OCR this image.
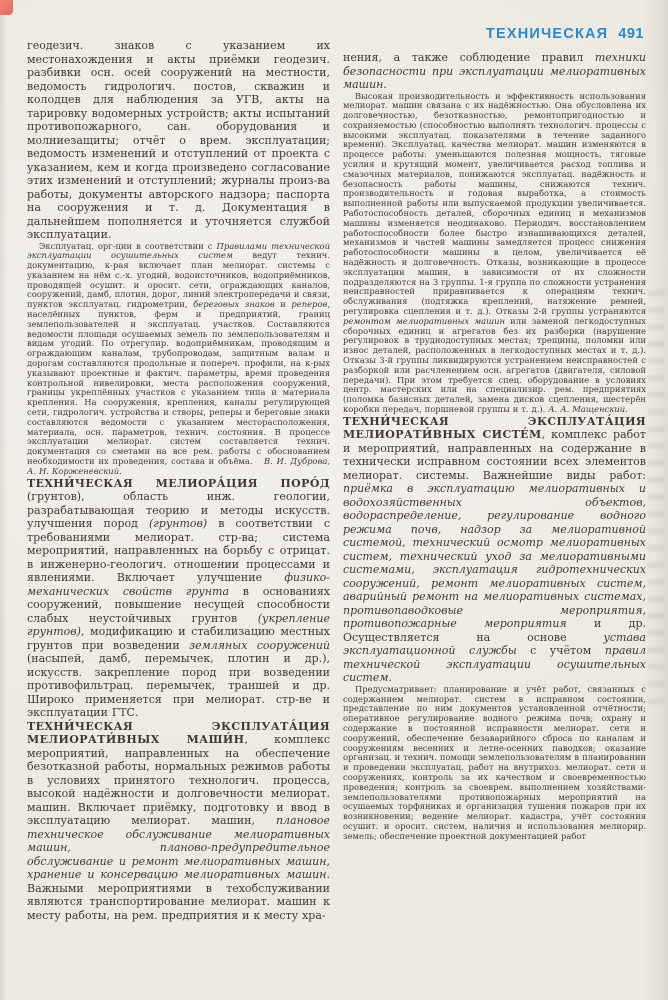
геодезич. знаков с указанием их местонахождения и акты приёмки геодезич. разбивки осн. осей сооружений на местности, ведомость гидрологич. постов, скважин и колодцев для наблюдения за УГВ, акты на тарировку водомерных устройств; акты испытаний противопожарного, сан. оборудования и молниезащиты; отчёт о врем. эксплуатации; ведомость изменений и отступлений от проекта с указанием, кем и когда произведено согласование этих изменений и отступлений; журналы произ-ва работы, документы авторского надзора; паспорта на сооружения и т. д. Документация в дальнейшем пополняется и уточняется службой эксплуатации.

Эксплуатац. орг-ции в соответствии с Правилами технической эксплуатации осушительных систем ведут технич. документацию, к-рая включает план мелиорат. системы с указанием на нём с.-х. угодий, водоисточников, водоприёмников, проводящей осушит. и оросит. сети, ограждающих каналов, сооружений, дамб, плотин, дорог, линий электропередачи и связи, пунктов эксплуатац. гидрометрии, береговых знаков и реперов, населённых пунктов, ферм и предприятий, границ землепользователей и эксплуатац. участков. Составляются ведомости площади осушаемых земель по землепользователям и видам угодий. По отрегулир. водоприёмникам, проводящим и ограждающим каналам, трубопроводам, защитным валам и дорогам составляются продольные и попереч. профили, на к-рых указывают проектные и фактич. параметры, время проведения контрольной нивелировки, места расположения сооружений, границы укреплённых участков с указанием типа и материала крепления. На сооружения, крепления, каналы регулирующей сети, гидрологич. устройства и створы, реперы и береговые знаки составляются ведомости с указанием месторасположения, материала, осн. параметров, технич. состояния. В процессе эксплуатации мелиорат. систем составляется технич. документация со сметами на все рем. работы с обоснованием необходимости их проведения, состава и объёма.   В. И. Дуброва, А. Н. Корженевский.

ТЕХНИ́ЧЕСКАЯ МЕЛИОРА́ЦИЯ ПОРО́Д (грунтов), область инж. геологии, разрабатывающая теорию и методы искусств. улучшения пород (грунтов) в соответствии с требованиями мелиорат. стр-ва; система мероприятий, направленных на борьбу с отрицат. в инженерно-геологич. отношении процессами и явлениями. Включает улучшение физико-механических свойств грунта в основаниях сооружений, повышение несущей способности слабых неустойчивых грунтов (укрепление грунтов), модификацию и стабилизацию местных грунтов при возведении земляных сооружений (насыпей, дамб, перемычек, плотин и др.), искусств. закрепление пород при возведении противофильтрац. перемычек, траншей и др. Широко применяется при мелиорат. стр-ве и эксплуатации ГТС.

ТЕХНИ́ЧЕСКАЯ ЭКСПЛУАТА́ЦИЯ МЕЛИОРАТИ́ВНЫХ МАШИ́Н, комплекс мероприятий, направленных на обеспечение безотказной работы, нормальных режимов работы в условиях принятого технологич. процесса, высокой надёжности и долговечности мелиорат. машин. Включает приёмку, подготовку и ввод в эксплуатацию мелиорат. машин, плановое техническое обслуживание мелиоративных машин, планово-предупредительное обслуживание и ремонт мелиоративных машин, хранение и консервацию мелиоративных машин. Важными мероприятиями в техобслуживании являются транспортирование мелиорат. машин к месту работы, на рем. предприятия и к месту хра-

ТЕХНИЧЕСКАЯ 491

нения, а также соблюдение правил техники безопасности при эксплуатации мелиоративных машин.

Высокая производительность и эффективность использования мелиорат. машин связана с их надёжностью. Она обусловлена их долговечностью, безотказностью, ремонтопригодностью и сохраняемостью (способностью выполнять технологич. процессы с высокими эксплуатац. показателями в течение заданного времени). Эксплуатац. качества мелиорат. машин изменяются в процессе работы: уменьшаются полезная мощность, тяговые усилия и крутящий момент, увеличивается расход топлива и смазочных материалов, понижаются эксплуатац. надёжность и безопасность работы машины, снижаются технич. производительность и годовая выработка, а стоимость выполненной работы или выпускаемой продукции увеличивается. Работоспособность деталей, сборочных единиц и механизмов машины изменяется неодинаково. Периодич. восстановлением работоспособности более быстро изнашивающихся деталей, механизмов и частей машины замедляется процесс снижения работоспособности машины в целом, увеличивается её надёжность и долговечность. Отказы, возникающие в процессе эксплуатации машин, в зависимости от их сложности подразделяются на 3 группы. 1-я группа по сложности устранения неисправностей приравнивается к операциям технич. обслуживания (подтяжка креплений, натяжение ремней, регулировка сцепления и т. д.). Отказы 2-й группы устраняются ремонтом мелиоративных машин или заменой легкодоступных сборочных единиц и агрегатов без их разборки (нарушение регулировок в труднодоступных местах; трещины, поломки или износ деталей, расположенных в легкодоступных местах и т. д.). Отказы 3-й группы ликвидируются устранением неисправностей с разборкой или расчленением осн. агрегатов (двигателя, силовой передачи). При этом требуется спец. оборудование в условиях центр. мастерских или на специализир. рем. предприятиях (поломка базисных деталей, замена дисков сцепления, шестерён коробки передач, поршневой группы и т. д.). А. А. Мащенский.

ТЕХНИ́ЧЕСКАЯ ЭКСПЛУАТА́ЦИЯ МЕЛИОРАТИ́ВНЫХ СИСТЕ́М, комплекс работ и мероприятий, направленных на содержание в технически исправном состоянии всех элементов мелиорат. системы. Важнейшие виды работ: приёмка в эксплуатацию мелиоративных и водохозяйственных объектов, водораспределение, регулирование водного режима почв, надзор за мелиоративной системой, технический осмотр мелиоративных систем, технический уход за мелиоративными системами, эксплуатация гидротехнических сооружений, ремонт мелиоративных систем, аварийный ремонт на мелиоративных системах, противопаводковые мероприятия, противопожарные мероприятия и др. Осуществляется на основе устава эксплуатационной службы с учётом правил технической эксплуатации осушительных систем.

Предусматривает: планирование и учёт работ, связанных с содержанием мелиорат. систем в исправном состоянии, представление по ним документов установленной отчётности; оперативное регулирование водного режима почв; охрану и содержание в постоянной исправности мелиорат. сети и сооружений, обеспечение безаварийного сброса по каналам и сооружениям весенних и летне-осенних паводков; оказание организац. и технич. помощи землепользователям в планировании и проведении эксплуатац. работ на внутрихоз. мелиорат. сети и сооружениях, контроль за их качеством и своевременностью проведения; контроль за своеврем. выполнением хозяйствами-землепользователями противопожарных мероприятий на осушаемых торфяниках и организация тушения пожаров при их возникновении; ведение мелиорат. кадастра, учёт состояния осушит. и оросит. систем, наличия и использования мелиорир. земель; обеспечение проектной документацией работ
